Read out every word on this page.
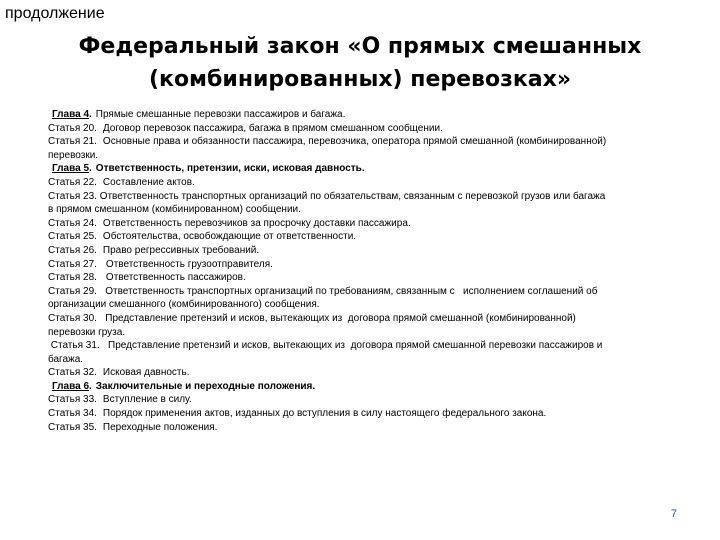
продолжение
Федеральный закон «О прямых смешанных
(комбинированных) перевозках»
Глава 4 . Прямые смешанные перевозки пассажиров и багажа.
Статья 20. Договор перевозок пассажира, багажа в прямом смешанном сообщении.
Статья 21. Основные права и обязанности пассажира, перевозчика, оператора прямой смешанной (комбинированной)
перевозки.
Глава 5 . Ответственность, претензии, иски, исковая давность.
Статья 22. Составление актов.
Статья 23. Ответственность транспортных организаций по обязательствам, связанным с перевозкой грузов или багажа
в прямом смешанном (комбинированном) сообщении.
Статья 24. Ответственность перевозчиков за просрочку доставки пассажира.
Статья 25. Обстоятельства, освобождающие от ответственности.
Статья 26. Право регрессивных требований.
Статья 27. Ответственность грузоотправителя.
Статья 28. Ответственность пассажиров.
Статья 29.   Ответственность транспортных организаций по требованиям, связанным с   исполнением соглашений об
организации смешанного (комбинированного) сообщения.
Статья 30.   Представление претензий и исков, вытекающих из  договора прямой смешанной (комбинированной)
перевозки груза.
Статья 31.   Представление претензий и исков, вытекающих из  договора прямой смешанной перевозки пассажиров и
багажа.
Статья 32. Исковая давность.
Глава 6 . Заключительные и переходные положения.
Статья 33. Вступление в силу.
Статья 34. Порядок применения актов, изданных до вступления в силу настоящего федерального закона.
Статья 35. Переходные положения.
7
